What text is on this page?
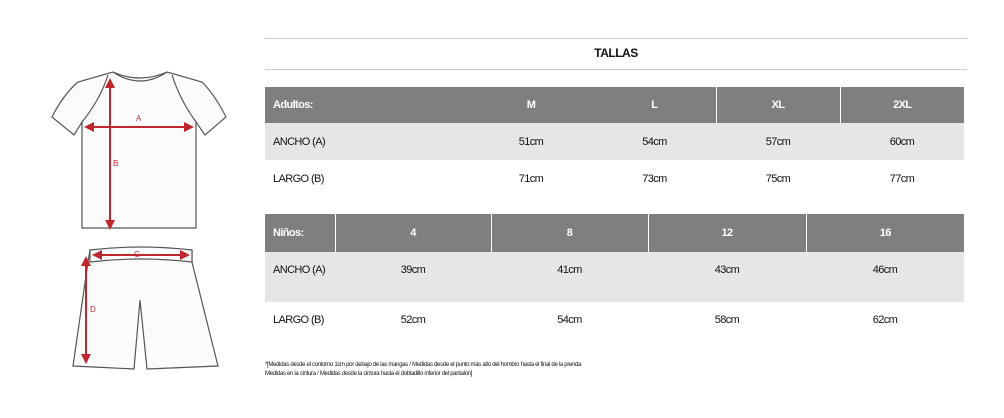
A
B
C
D
TALLAS
Adultos:	M	L	XL	2XL
ANCHO (A)	51cm	54cm	57cm	60cm
LARGO (B)	71cm	73cm	75cm	77cm
Niños:	4	8	12	16
ANCHO (A)	39cm	41cm	43cm	46cm
LARGO (B)	52cm	54cm	58cm	62cm
*[Medidas desde el contorno 1cm por debajo de las mangas / Medidas desde el punto más alto del hombro hasta el final de la prenda
Medidas en la cintura / Medidas desde la cintura hasta el dobladillo inferior del pantalón]
